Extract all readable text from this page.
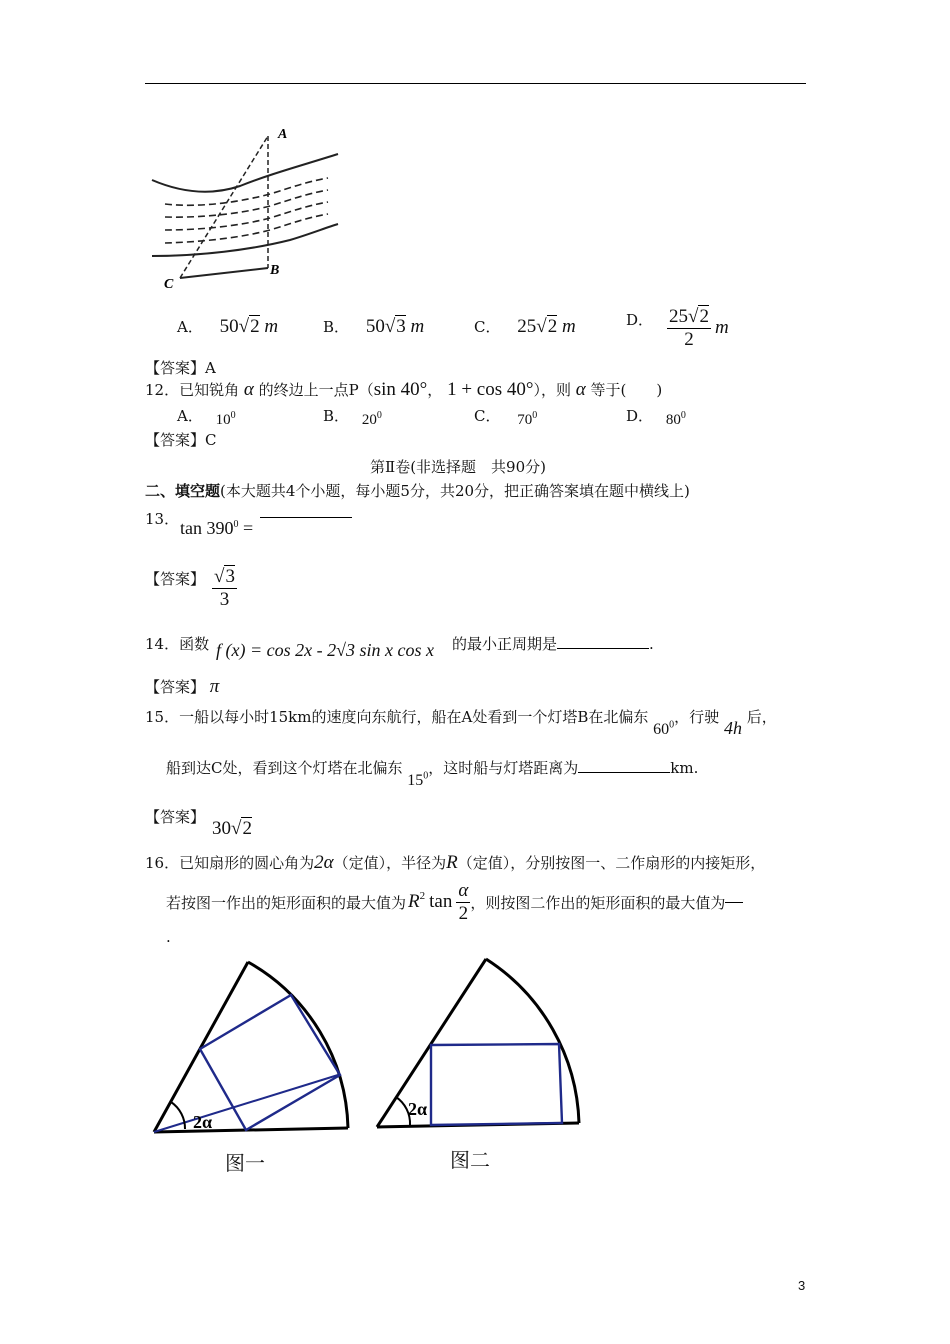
A
B
C
A． 50√2 m	B． 50√3 m	C． 25√2 m	D． $\frac{25√2}{2}$ m
【答案】A
12．已知锐角 α 的终边上一点P（sin 40°， 1 + cos 40°），则 α 等于(　　)
A． $10^0$	B． $20^0$	C． $70^0$	D． $80^0$
【答案】C
第Ⅱ卷(非选择题　共90分)
二、填空题(本大题共4个小题，每小题5分，共20分，把正确答案填在题中横线上)
13． $\tan 390^0$ =
【答案】 $\frac{√3}{3}$
14．函数 f (x) = cos 2x - 2√3 sin x cos x 的最小正周期是	.
【答案】 π
15．一船以每小时15km的速度向东航行，船在A处看到一个灯塔B在北偏东 $60^0$，行驶 4h 后，
船到达C处，看到这个灯塔在北偏东 $15^0$，这时船与灯塔距离为	km.
【答案】
30√2
16．已知扇形的圆心角为2α（定值），半径为R（定值），分别按图一、二作扇形的内接矩形，
若按图一作出的矩形面积的最大值为 $R^2$ $\tan \frac{\alpha}{2}$ ，则按图二作出的矩形面积的最大值为
.
2α
图一
2α
图二
3
